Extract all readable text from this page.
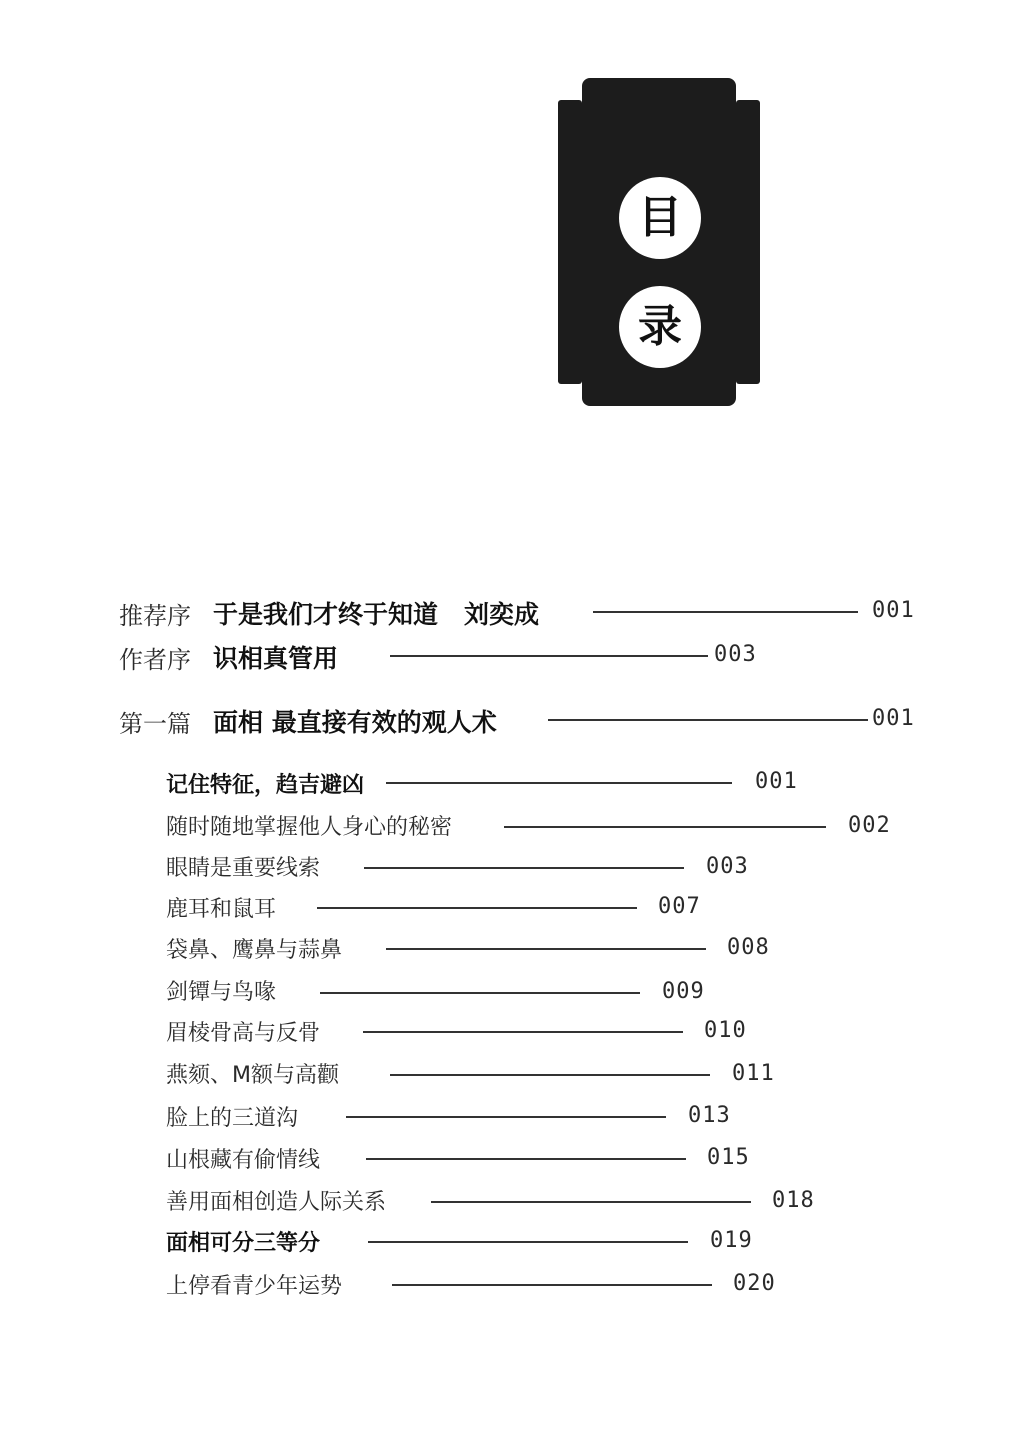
目
录
推荐序 于是我们才终于知道 刘奕成	001
作者序 识相真管用	003
第一篇 面相 最直接有效的观人术	001
记住特征，趋吉避凶	001
随时随地掌握他人身心的秘密	002
眼睛是重要线索	003
鹿耳和鼠耳	007
袋鼻、鹰鼻与蒜鼻	008
剑镡与鸟喙	009
眉棱骨高与反骨	010
燕颏、M额与高颧	011
脸上的三道沟	013
山根藏有偷情线	015
善用面相创造人际关系	018
面相可分三等分	019
上停看青少年运势	020
